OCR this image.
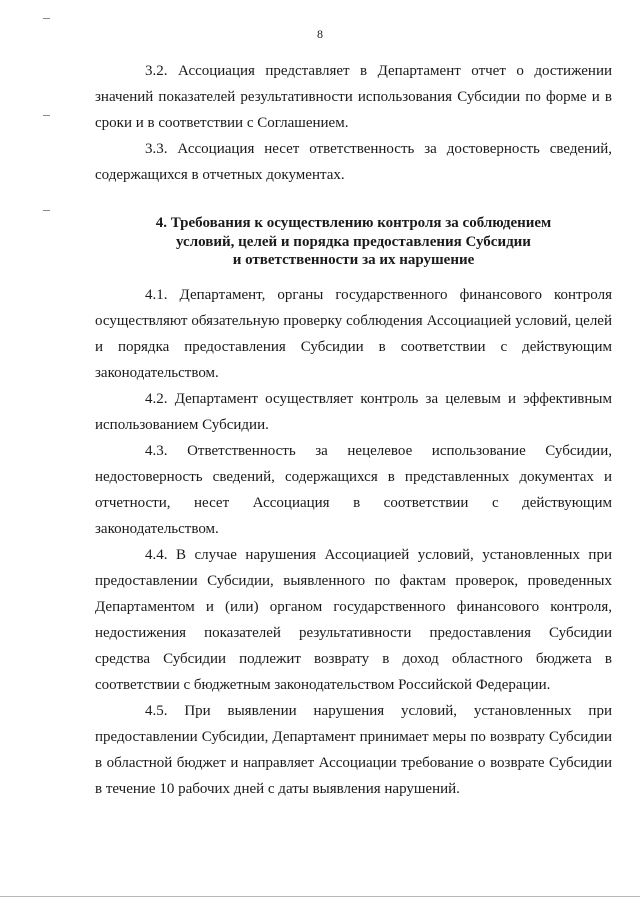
8

3.2. Ассоциация представляет в Департамент отчет о достижении значений показателей результативности использования Субсидии по форме и в сроки и в соответствии с Соглашением.

3.3. Ассоциация несет ответственность за достоверность сведений, содержащихся в отчетных документах.

4. Требования к осуществлению контроля за соблюдением
условий, целей и порядка предоставления Субсидии
и ответственности за их нарушение

4.1. Департамент, органы государственного финансового контроля осуществляют обязательную проверку соблюдения Ассоциацией условий, целей и порядка предоставления Субсидии в соответствии с действующим законодательством.

4.2. Департамент осуществляет контроль за целевым и эффективным использованием Субсидии.

4.3. Ответственность за нецелевое использование Субсидии, недостоверность сведений, содержащихся в представленных документах и отчетности, несет Ассоциация в соответствии с действующим законодательством.

4.4. В случае нарушения Ассоциацией условий, установленных при предоставлении Субсидии, выявленного по фактам проверок, проведенных Департаментом и (или) органом государственного финансового контроля, недостижения показателей результативности предоставления Субсидии средства Субсидии подлежит возврату в доход областного бюджета в соответствии с бюджетным законодательством Российской Федерации.

4.5. При выявлении нарушения условий, установленных при предоставлении Субсидии, Департамент принимает меры по возврату Субсидии в областной бюджет и направляет Ассоциации требование о возврате Субсидии в течение 10 рабочих дней с даты выявления нарушений.
